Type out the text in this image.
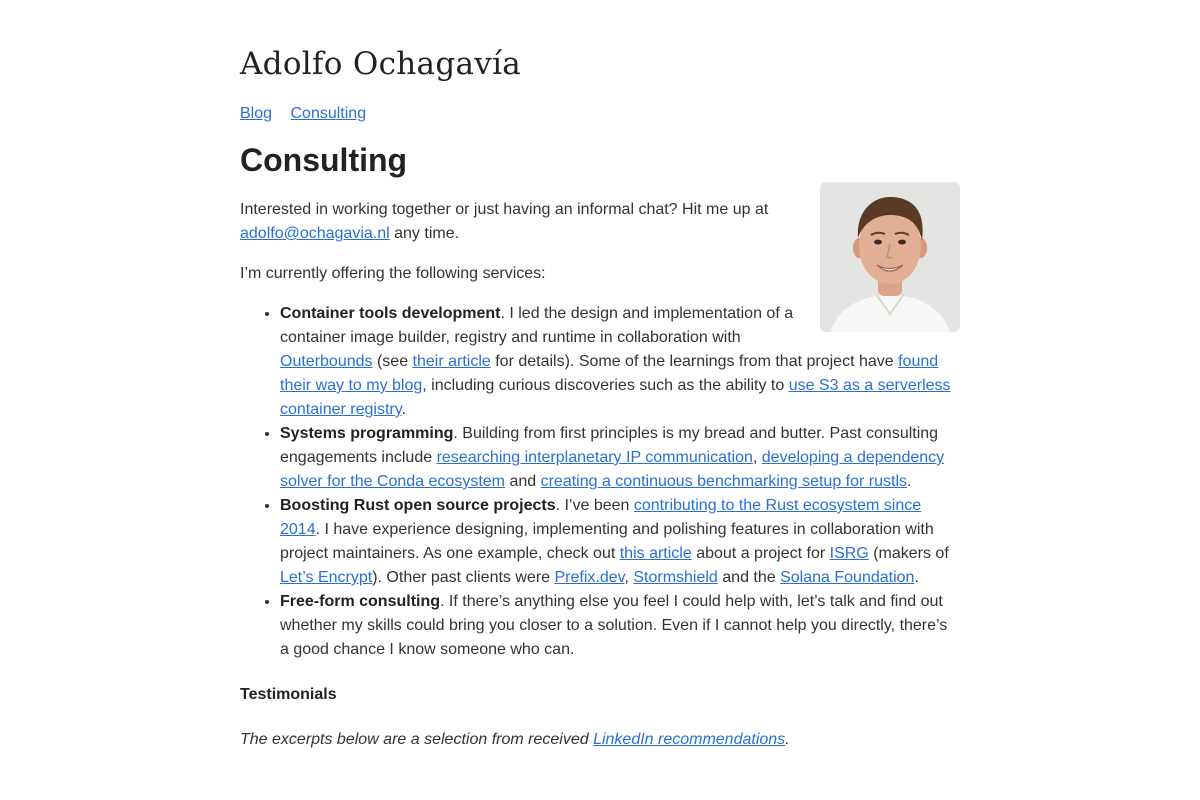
Adolfo Ochagavía
Blog Consulting
Consulting

Interested in working together or just having an informal chat? Hit me up at adolfo@ochagavia.nl any time.

I’m currently offering the following services:

• Container tools development. I led the design and implementation of a container image builder, registry and runtime in collaboration with Outerbounds (see their article for details). Some of the learnings from that project have found their way to my blog, including curious discoveries such as the ability to use S3 as a serverless container registry.
• Systems programming. Building from first principles is my bread and butter. Past consulting engagements include researching interplanetary IP communication, developing a dependency solver for the Conda ecosystem and creating a continuous benchmarking setup for rustls.
• Boosting Rust open source projects. I’ve been contributing to the Rust ecosystem since 2014. I have experience designing, implementing and polishing features in collaboration with project maintainers. As one example, check out this article about a project for ISRG (makers of Let’s Encrypt). Other past clients were Prefix.dev, Stormshield and the Solana Foundation.
• Free-form consulting. If there’s anything else you feel I could help with, let’s talk and find out whether my skills could bring you closer to a solution. Even if I cannot help you directly, there’s a good chance I know someone who can.

Testimonials

The excerpts below are a selection from received LinkedIn recommendations.
